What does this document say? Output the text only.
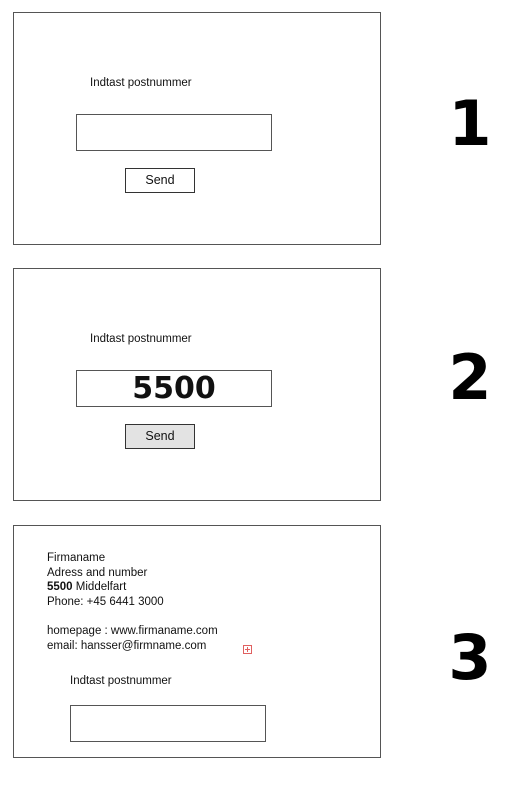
Indtast postnummer
Send
1
Indtast postnummer
5500
Send
2
Firmaname
Adress and number
5500 Middelfart
Phone: +45 6441 3000
homepage : www.firmaname.com
email: hansser@firmname.com
Indtast postnummer	3
